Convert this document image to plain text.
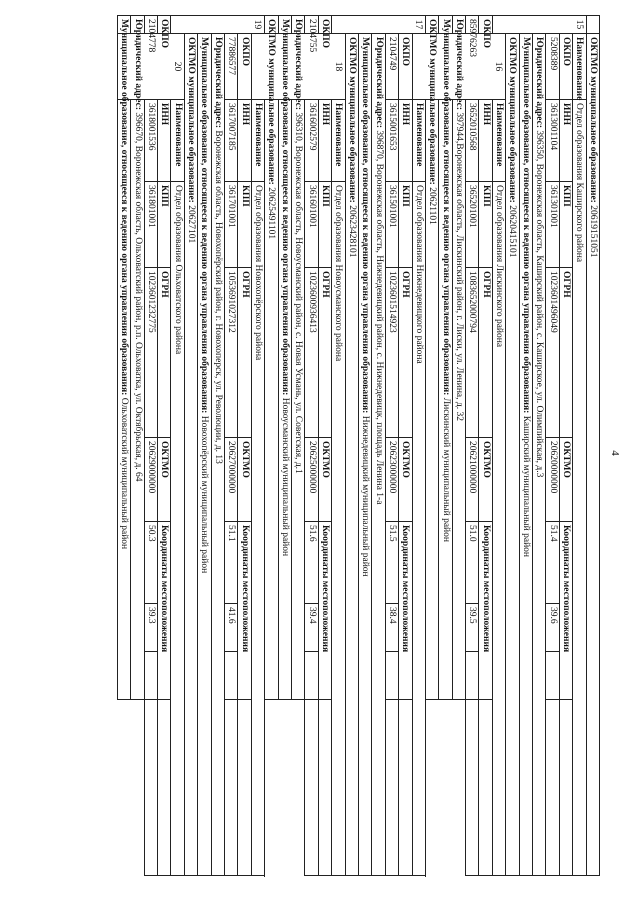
4
	ОКТМО муниципальное образование: 20619151051								
15	Наименование	Отдел образования Каширского района							
	ОКПО	ИНН	КПП	ОГРН	ОКТМО	Координаты местоположения			
	5208389	3613001104	361301001	1023601496049	20620000000	51.4	39.6		
	Юридический адрес: 396350, Воронежская область, Каширский район, с. Каширское, ул. Олимпийская, д.3								
	Муниципальное образование, относящееся к ведению органа управления образования: Каширский муниципальный район								
	ОКТМО муниципальное образование: 20620415101								
	16	Наименование	Отдел образования Лискинского района						
ОКПО		ИНН	КПП	ОГРН	ОКТМО	Координаты местоположения			
85976263		3652010568	365201001	1083652000794	20621000000	51.0	39.5		
Юридический адрес: 397944,Воронежская область, Лискинский район, г. Лиски, ул. Ленина, д. 32									
Муниципальное образование, относящееся к ведению органа управления образования: Лискинский муниципальный район									
ОКТМО муниципальное образование: 20621101									
17		Наименование	Отдел образования Нижнедевицкого района						
	ОКПО	ИНН	КПП	ОГРН	ОКТМО	Координаты местоположения			
	2104749	3615001653	361501001	1023601514923	20623000000	51.5	38.4		
	Юридический адрес: 396870, Воронежская область, Нижнедевицкий район, с. Нижнедевицк, площадь Ленина 1-а								
	Муниципальное образование, относящееся к ведению органа управления образования: Нижнедевицкий муниципальный район								
	ОКТМО муниципальное образование: 20623428101								
	18	Наименование	Отдел образования Новоусманского района						
ОКПО		ИНН	КПП	ОГРН	ОКТМО	Координаты местоположения			
2104755		3616002579	361601001	1023600936413	20625000000	51.6	39.4		
Юридический адрес: 396310, Воронежская область, Новоусманский район, с. Новая Усмань, ул. Советская, д.1									
Муниципальное образование, относящееся к ведению органа управления образования: Новоусманский муниципальный район									
ОКТМО муниципальное образование: 20625491101									
19		Наименование	Отдел образования Новохопёрского района						
	ОКПО	ИНН	КПП	ОГРН	ОКТМО	Координаты местоположения			
	77886577	3617007185	361701001	1053691027312	20627000000	51.1	41.6		
	Юридический адрес: Воронежская область, Новохопёрский район, г. Новохоперск, ул. Революции, д. 13								
	Муниципальное образование, относящееся к ведению органа управления образования: Новохопёрский муниципальный район								
	ОКТМО муниципальное образование: 20627101								
	20	Наименование	Отдел образования Ольховатского района						
ОКПО		ИНН	КПП	ОГРН	ОКТМО	Координаты местоположения			
2104778		3618001536	361801001	1023601232775	20629000000	50.3	39.3		
Юридический адрес: 396670, Воронежская область, Ольховатский район, р.п. Ольховатка, ул. Октябрьская, д. 64									
Муниципальное образование, относящееся к ведению органа управления образования: Ольховатский муниципальный район									
